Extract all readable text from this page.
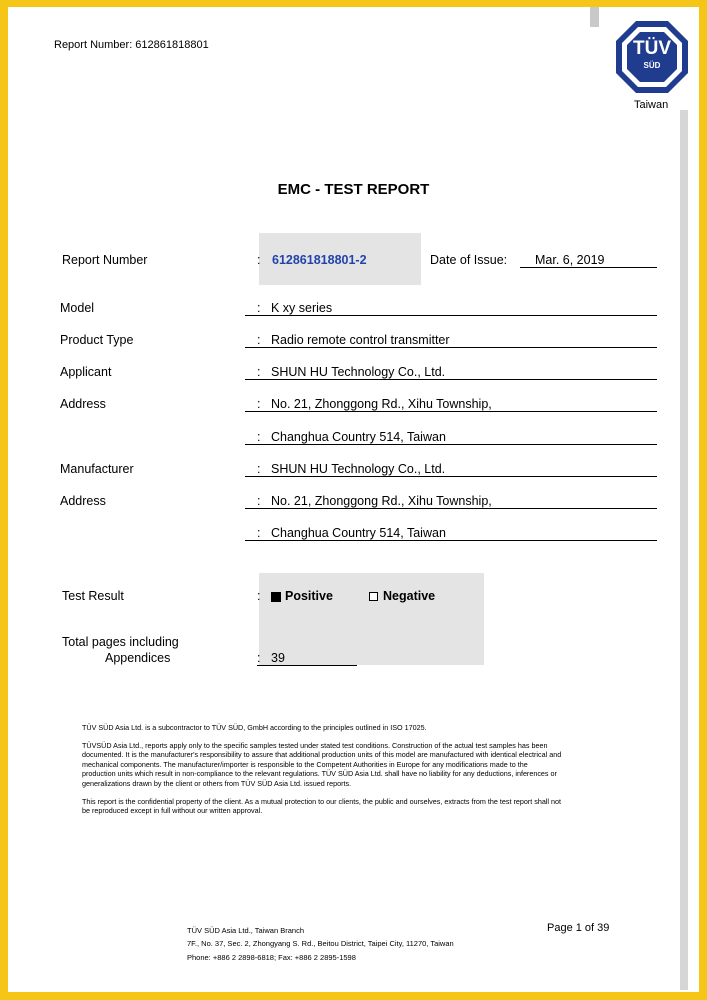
Report Number: 612861818801	TÜV
SÜD
Taiwan
EMC - TEST REPORT
Report Number	: 612861818801-2	Date of Issue: Mar. 6, 2019
Model	: K xy series
Product Type	: Radio remote control transmitter
Applicant	: SHUN HU Technology Co., Ltd.
Address	: No. 21, Zhonggong Rd., Xihu Township,
: Changhua Country 514, Taiwan
Manufacturer	: SHUN HU Technology Co., Ltd.
Address	: No. 21, Zhonggong Rd., Xihu Township,
: Changhua Country 514, Taiwan
Test Result	: Positive	Negative
Total pages including
Appendices	: 39

TÜV SÜD Asia Ltd. is a subcontractor to TÜV SÜD, GmbH according to the principles outlined in ISO 17025.

TÜVSÜD Asia Ltd., reports apply only to the specific samples tested under stated test conditions. Construction of the actual test samples has been documented. It is the manufacturer's responsibility to assure that additional production units of this model are manufactured with identical electrical and mechanical components. The manufacturer/importer is responsible to the Competent Authorities in Europe for any modifications made to the production units which result in non-compliance to the relevant regulations. TÜV SÜD Asia Ltd. shall have no liability for any deductions, inferences or generalizations drawn by the client or others from TÜV SÜD Asia Ltd. issued reports.

This report is the confidential property of the client. As a mutual protection to our clients, the public and ourselves, extracts from the test report shall not be reproduced except in full without our written approval.

TÜV SÜD Asia Ltd., Taiwan Branch
7F., No. 37, Sec. 2, Zhongyang S. Rd., Beitou District, Taipei City, 11270, Taiwan
Phone: +886 2 2898-6818; Fax: +886 2 2895-1598
Page 1 of 39
